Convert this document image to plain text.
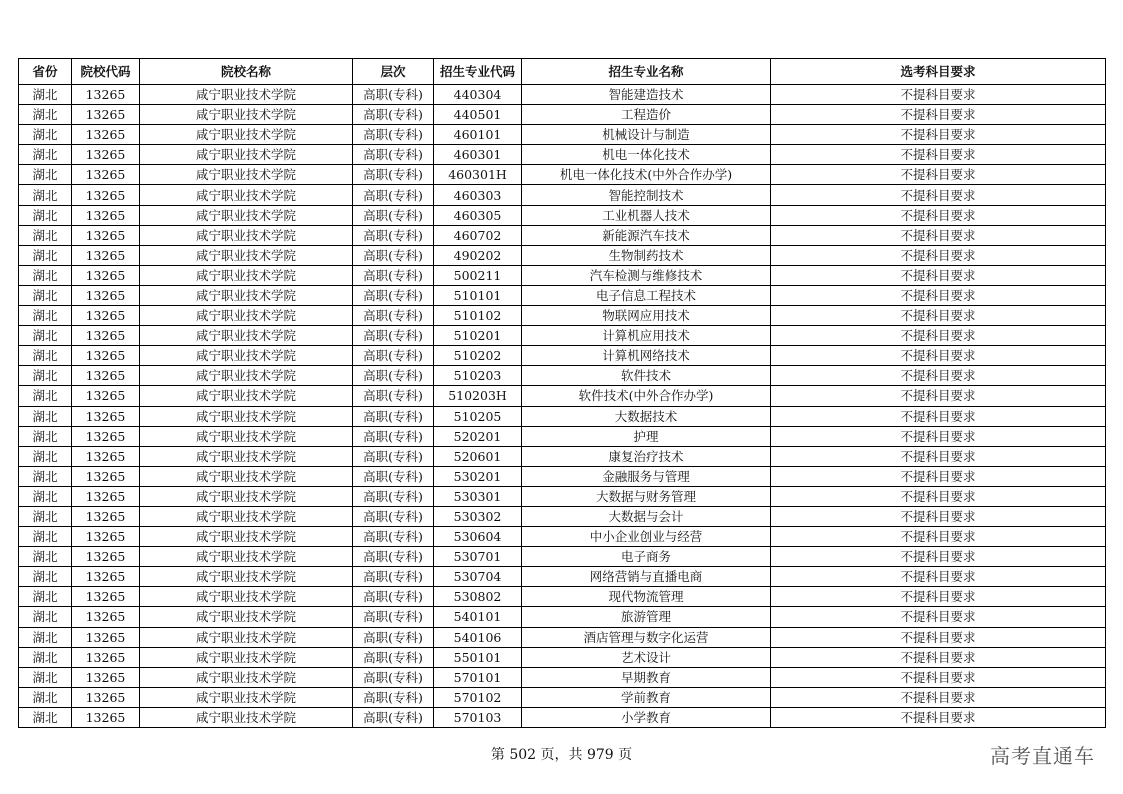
省份	院校代码	院校名称	层次	招生专业代码	招生专业名称	选考科目要求
湖北	13265	咸宁职业技术学院	高职(专科)	440304	智能建造技术	不提科目要求
湖北	13265	咸宁职业技术学院	高职(专科)	440501	工程造价	不提科目要求
湖北	13265	咸宁职业技术学院	高职(专科)	460101	机械设计与制造	不提科目要求
湖北	13265	咸宁职业技术学院	高职(专科)	460301	机电一体化技术	不提科目要求
湖北	13265	咸宁职业技术学院	高职(专科)	460301H	机电一体化技术(中外合作办学)	不提科目要求
湖北	13265	咸宁职业技术学院	高职(专科)	460303	智能控制技术	不提科目要求
湖北	13265	咸宁职业技术学院	高职(专科)	460305	工业机器人技术	不提科目要求
湖北	13265	咸宁职业技术学院	高职(专科)	460702	新能源汽车技术	不提科目要求
湖北	13265	咸宁职业技术学院	高职(专科)	490202	生物制药技术	不提科目要求
湖北	13265	咸宁职业技术学院	高职(专科)	500211	汽车检测与维修技术	不提科目要求
湖北	13265	咸宁职业技术学院	高职(专科)	510101	电子信息工程技术	不提科目要求
湖北	13265	咸宁职业技术学院	高职(专科)	510102	物联网应用技术	不提科目要求
湖北	13265	咸宁职业技术学院	高职(专科)	510201	计算机应用技术	不提科目要求
湖北	13265	咸宁职业技术学院	高职(专科)	510202	计算机网络技术	不提科目要求
湖北	13265	咸宁职业技术学院	高职(专科)	510203	软件技术	不提科目要求
湖北	13265	咸宁职业技术学院	高职(专科)	510203H	软件技术(中外合作办学)	不提科目要求
湖北	13265	咸宁职业技术学院	高职(专科)	510205	大数据技术	不提科目要求
湖北	13265	咸宁职业技术学院	高职(专科)	520201	护理	不提科目要求
湖北	13265	咸宁职业技术学院	高职(专科)	520601	康复治疗技术	不提科目要求
湖北	13265	咸宁职业技术学院	高职(专科)	530201	金融服务与管理	不提科目要求
湖北	13265	咸宁职业技术学院	高职(专科)	530301	大数据与财务管理	不提科目要求
湖北	13265	咸宁职业技术学院	高职(专科)	530302	大数据与会计	不提科目要求
湖北	13265	咸宁职业技术学院	高职(专科)	530604	中小企业创业与经营	不提科目要求
湖北	13265	咸宁职业技术学院	高职(专科)	530701	电子商务	不提科目要求
湖北	13265	咸宁职业技术学院	高职(专科)	530704	网络营销与直播电商	不提科目要求
湖北	13265	咸宁职业技术学院	高职(专科)	530802	现代物流管理	不提科目要求
湖北	13265	咸宁职业技术学院	高职(专科)	540101	旅游管理	不提科目要求
湖北	13265	咸宁职业技术学院	高职(专科)	540106	酒店管理与数字化运营	不提科目要求
湖北	13265	咸宁职业技术学院	高职(专科)	550101	艺术设计	不提科目要求
湖北	13265	咸宁职业技术学院	高职(专科)	570101	早期教育	不提科目要求
湖北	13265	咸宁职业技术学院	高职(专科)	570102	学前教育	不提科目要求
湖北	13265	咸宁职业技术学院	高职(专科)	570103	小学教育	不提科目要求
第 502 页，共 979 页	高考直通车
